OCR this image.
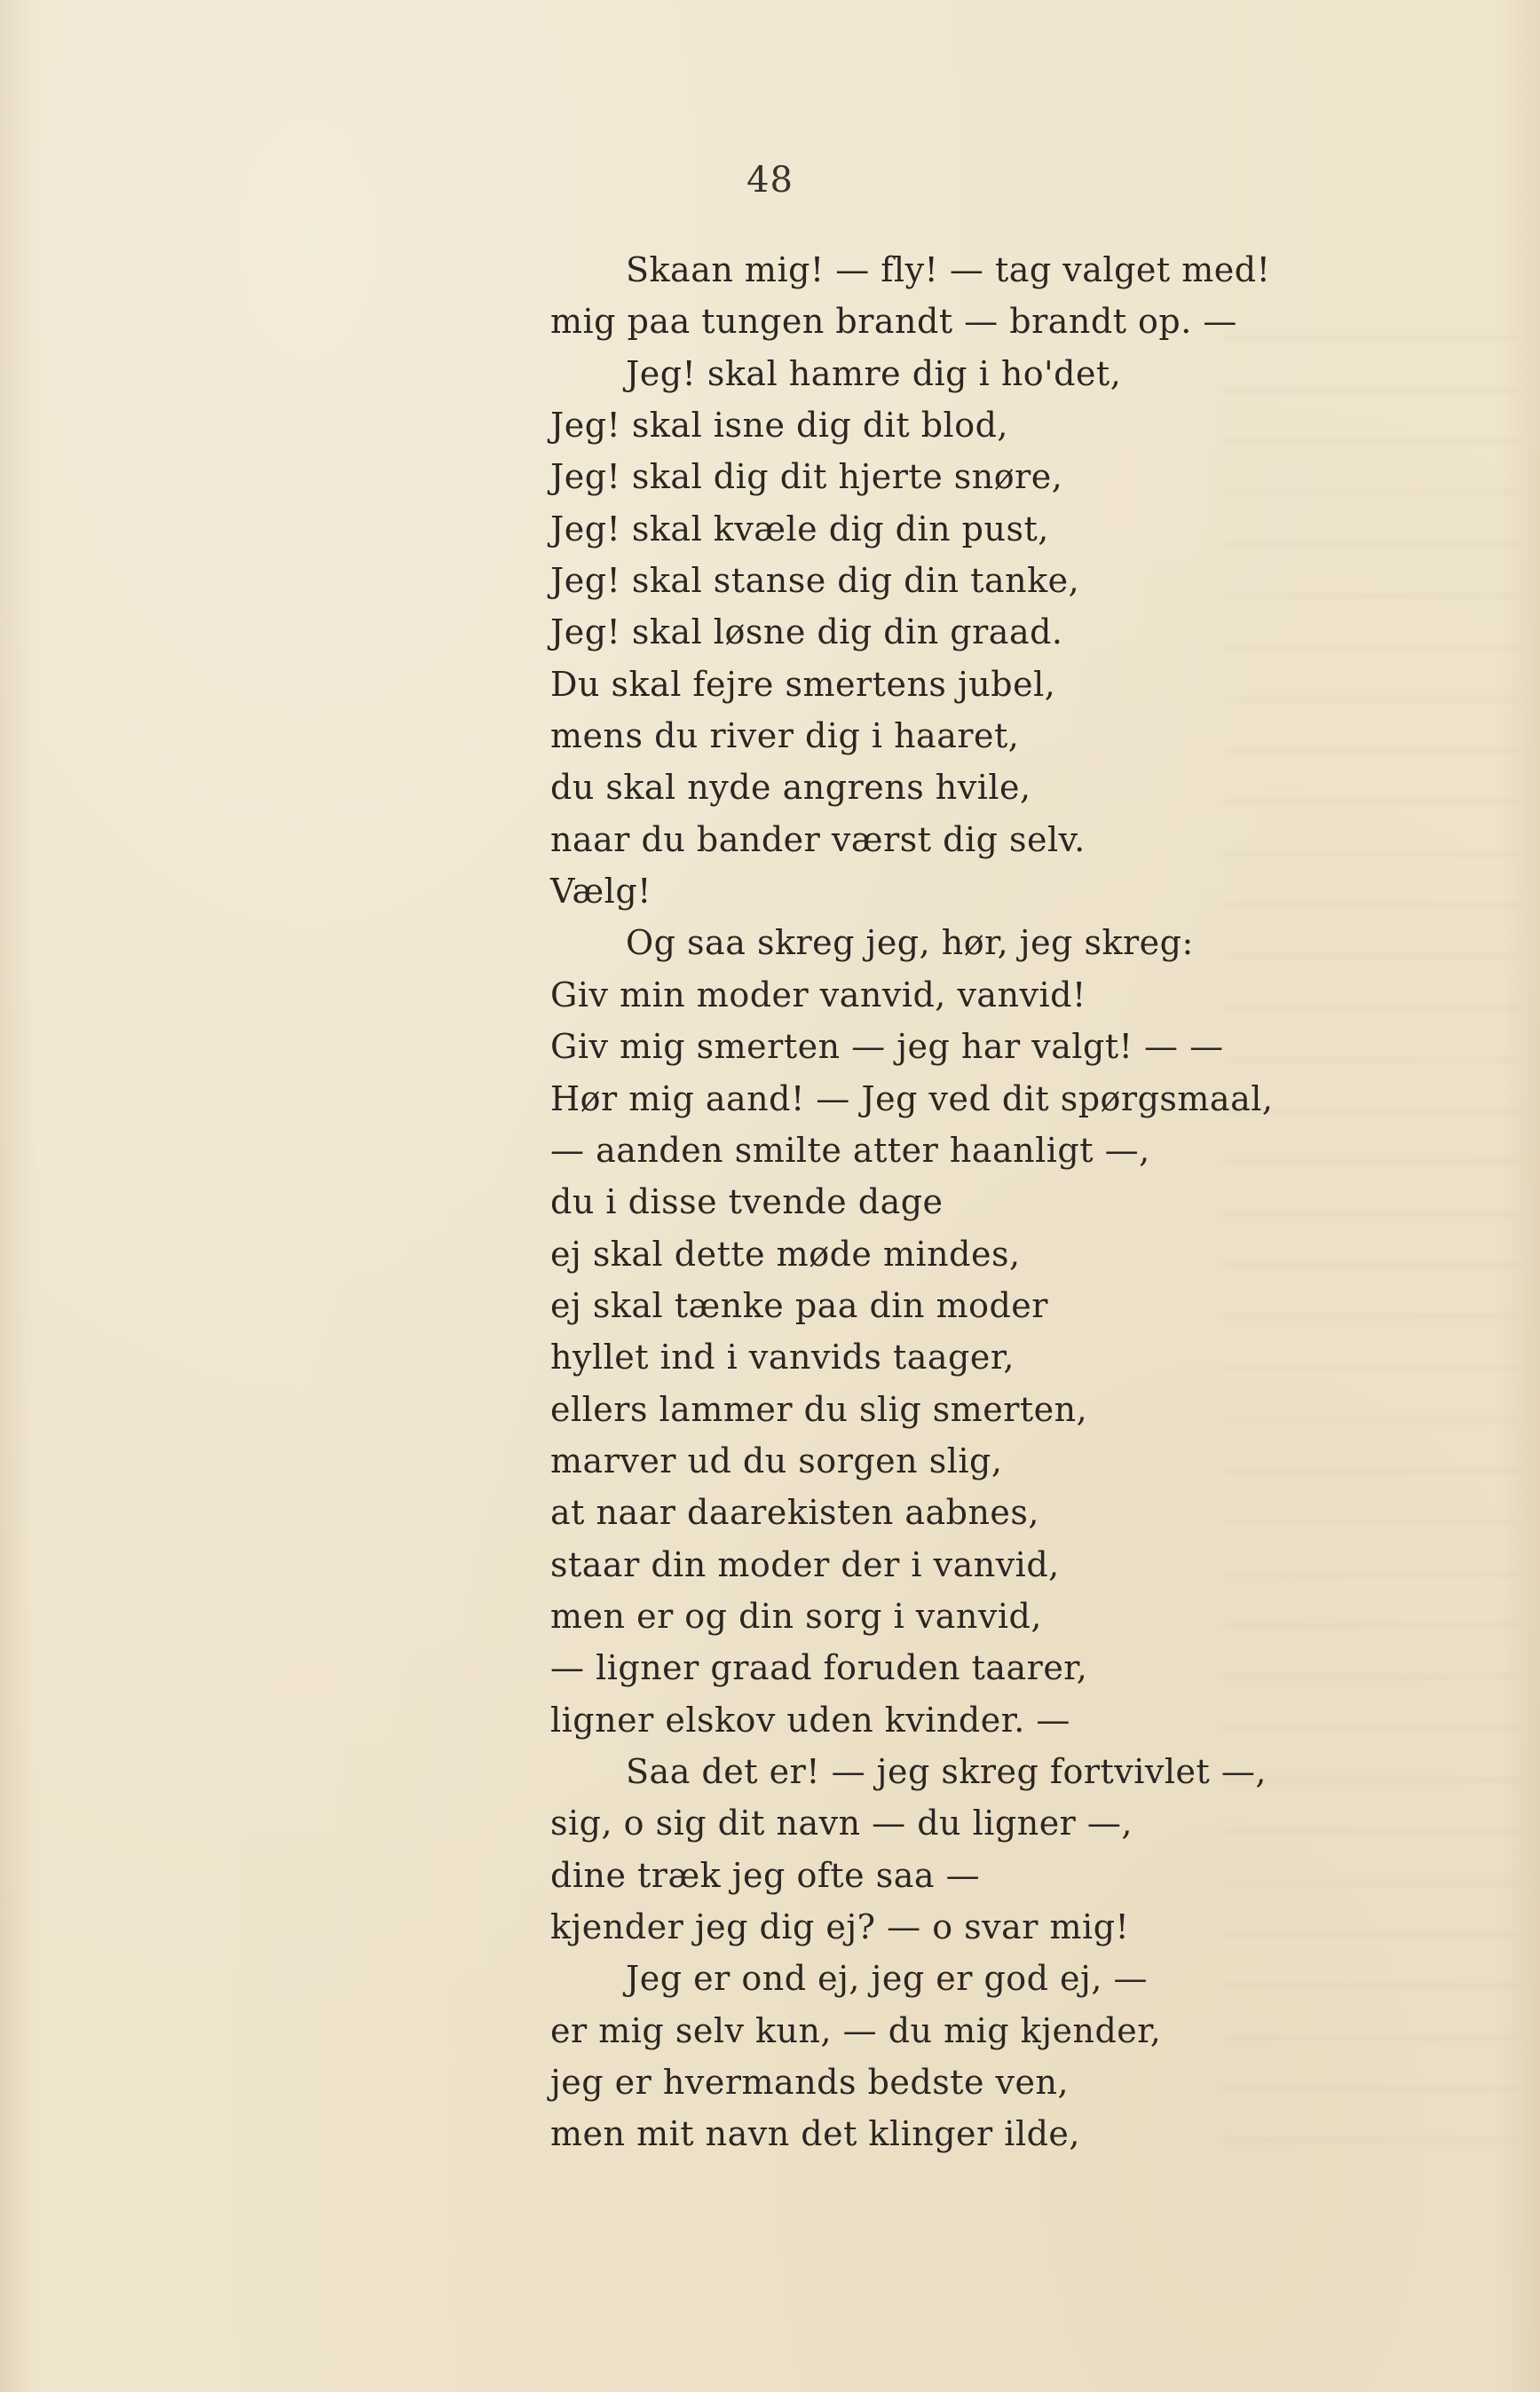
48
Skaan mig! — fly! — tag valget med!
mig paa tungen brandt — brandt op. —
Jeg! skal hamre dig i ho'det,
Jeg! skal isne dig dit blod,
Jeg! skal dig dit hjerte snøre,
Jeg! skal kvæle dig din pust,
Jeg! skal stanse dig din tanke,
Jeg! skal løsne dig din graad.
Du skal fejre smertens jubel,
mens du river dig i haaret,
du skal nyde angrens hvile,
naar du bander værst dig selv.
Vælg!
Og saa skreg jeg, hør, jeg skreg:
Giv min moder vanvid, vanvid!
Giv mig smerten — jeg har valgt! — —
Hør mig aand! — Jeg ved dit spørgsmaal,
— aanden smilte atter haanligt —,
du i disse tvende dage
ej skal dette møde mindes,
ej skal tænke paa din moder
hyllet ind i vanvids taager,
ellers lammer du slig smerten,
marver ud du sorgen slig,
at naar daarekisten aabnes,
staar din moder der i vanvid,
men er og din sorg i vanvid,
— ligner graad foruden taarer,
ligner elskov uden kvinder. —
Saa det er! — jeg skreg fortvivlet —,
sig, o sig dit navn — du ligner —,
dine træk jeg ofte saa —
kjender jeg dig ej? — o svar mig!
Jeg er ond ej, jeg er god ej, —
er mig selv kun, — du mig kjender,
jeg er hvermands bedste ven,
men mit navn det klinger ilde,
